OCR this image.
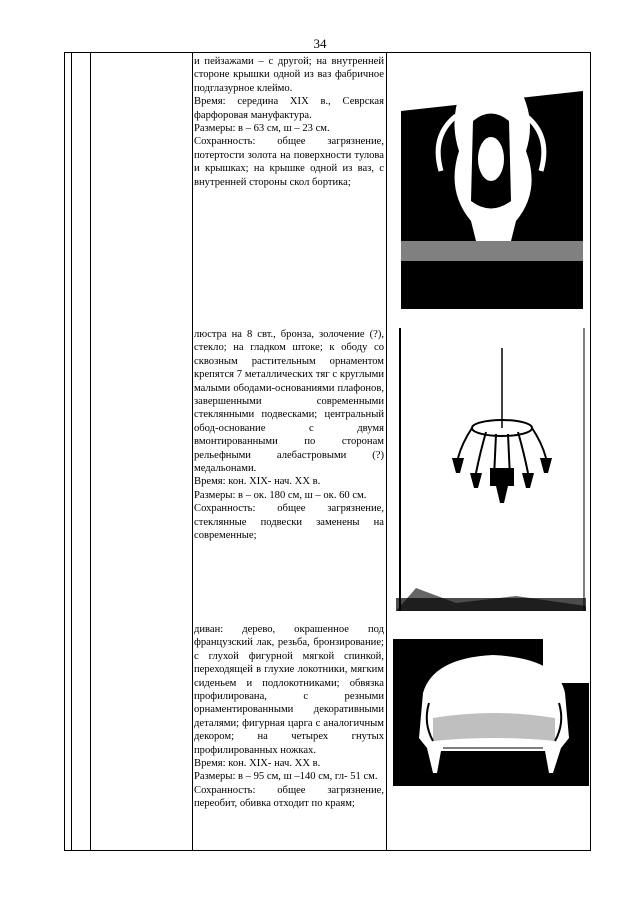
34

и пейзажами – с другой; на внутренней стороне крышки одной из ваз фабричное подглазурное клеймо.

Время: середина XIX в., Севрская фарфоровая мануфактура.

Размеры: в – 63 см, ш – 23 см.

Сохранность: общее загрязнение, потертости золота на поверхности тулова и крышках; на крышке одной из ваз, с внутренней стороны скол бортика;

люстра на 8 свт., бронза, золочение (?), стекло; на гладком штоке; к ободу со сквозным растительным орнаментом крепятся 7 металлических тяг с круглыми малыми ободами-основаниями плафонов, завершенными современными стеклянными подвесками; центральный обод-основание с двумя вмонтированными по сторонам рельефными алебастровыми (?) медальонами.

Время: кон. XIX- нач. XX в.

Размеры: в – ок. 180 см, ш – ок. 60 см.

Сохранность: общее загрязнение, стеклянные подвески заменены на современные;

диван: дерево, окрашенное под французский лак, резьба, бронзирование; с глухой фигурной мягкой спинкой, переходящей в глухие локотники, мягким сиденьем и подлокотниками; обвязка профилирована, с резными орнаментированными декоративными деталями; фигурная царга с аналогичным декором; на четырех гнутых профилированных ножках.

Время: кон. XIX- нач. XX в.

Размеры: в – 95 см, ш –140 см, гл- 51 см.

Сохранность: общее загрязнение, переобит, обивка отходит по краям;
